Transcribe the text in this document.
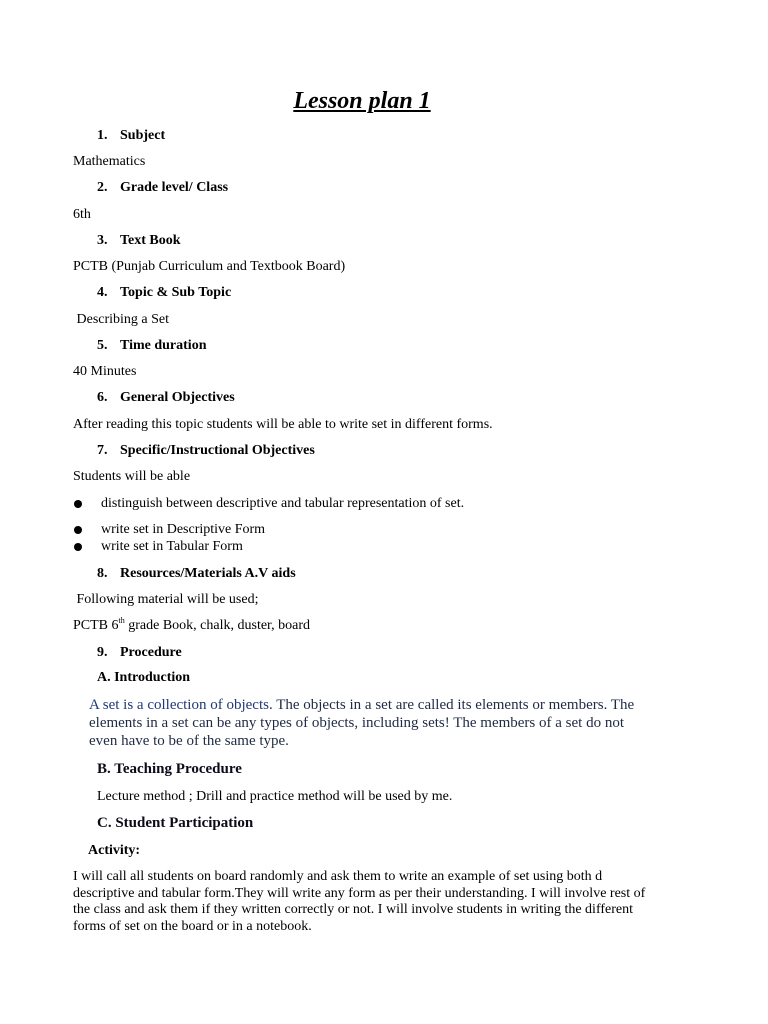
Lesson plan 1
1. Subject
Mathematics
2. Grade level/ Class
6th
3. Text Book
PCTB (Punjab Curriculum and Textbook Board)
4. Topic & Sub Topic
Describing a Set
5. Time duration
40 Minutes
6. General Objectives
After reading this topic students will be able to write set in different forms.
7. Specific/Instructional Objectives
Students will be able
distinguish between descriptive and tabular representation of set.
write set in Descriptive Form
write set in Tabular Form
8. Resources/Materials A.V aids
Following material will be used;
PCTB 6th grade Book, chalk, duster, board
9. Procedure
A. Introduction
A set is a collection of objects. The objects in a set are called its elements or members. The elements in a set can be any types of objects, including sets! The members of a set do not even have to be of the same type.
B. Teaching Procedure
Lecture method ; Drill and practice method will be used by me.
C. Student Participation
Activity:
I will call all students on board randomly and ask them to write an example of set using both d descriptive and tabular form.They will write any form as per their understanding. I will involve rest of the class and ask them if they written correctly or not. I will involve students in writing the different forms of set on the board or in a notebook.
